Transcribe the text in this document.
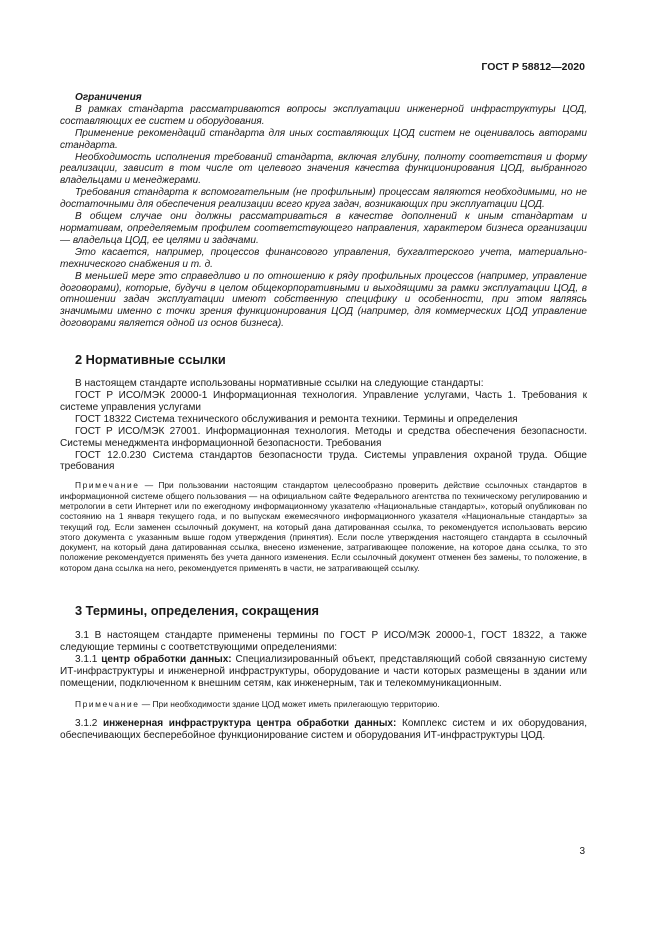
ГОСТ Р 58812—2020

Ограничения

В рамках стандарта рассматриваются вопросы эксплуатации инженерной инфраструктуры ЦОД, составляющих ее систем и оборудования.

Применение рекомендаций стандарта для иных составляющих ЦОД систем не оценивалось авторами стандарта.

Необходимость исполнения требований стандарта, включая глубину, полноту соответствия и форму реализации, зависит в том числе от целевого значения качества функционирования ЦОД, выбранного владельцами и менеджерами.

Требования стандарта к вспомогательным (не профильным) процессам являются необходимыми, но не достаточными для обеспечения реализации всего круга задач, возникающих при эксплуатации ЦОД.

В общем случае они должны рассматриваться в качестве дополнений к иным стандартам и нормативам, определяемым профилем соответствующего направления, характером бизнеса организации — владельца ЦОД, ее целями и задачами.

Это касается, например, процессов финансового управления, бухгалтерского учета, материально-технического снабжения и т. д.

В меньшей мере это справедливо и по отношению к ряду профильных процессов (например, управление договорами), которые, будучи в целом общекорпоративными и выходящими за рамки эксплуатации ЦОД, в отношении задач эксплуатации имеют собственную специфику и особенности, при этом являясь значимыми именно с точки зрения функционирования ЦОД (например, для коммерческих ЦОД управление договорами является одной из основ бизнеса).

2 Нормативные ссылки

В настоящем стандарте использованы нормативные ссылки на следующие стандарты:

ГОСТ Р ИСО/МЭК 20000-1 Информационная технология. Управление услугами, Часть 1. Требования к системе управления услугами

ГОСТ 18322 Система технического обслуживания и ремонта техники. Термины и определения

ГОСТ Р ИСО/МЭК 27001. Информационная технология. Методы и средства обеспечения безопасности. Системы менеджмента информационной безопасности. Требования

ГОСТ 12.0.230 Система стандартов безопасности труда. Системы управления охраной труда. Общие требования

Примечание — При пользовании настоящим стандартом целесообразно проверить действие ссылочных стандартов в информационной системе общего пользования — на официальном сайте Федерального агентства по техническому регулированию и метрологии в сети Интернет или по ежегодному информационному указателю «Национальные стандарты», который опубликован по состоянию на 1 января текущего года, и по выпускам ежемесячного информационного указателя «Национальные стандарты» за текущий год. Если заменен ссылочный документ, на который дана датированная ссылка, то рекомендуется использовать версию этого документа с указанным выше годом утверждения (принятия). Если после утверждения настоящего стандарта в ссылочный документ, на который дана датированная ссылка, внесено изменение, затрагивающее положение, на которое дана ссылка, то это положение рекомендуется применять без учета данного изменения. Если ссылочный документ отменен без замены, то положение, в котором дана ссылка на него, рекомендуется применять в части, не затрагивающей ссылку.

3 Термины, определения, сокращения

3.1 В настоящем стандарте применены термины по ГОСТ Р ИСО/МЭК 20000-1, ГОСТ 18322, а также следующие термины с соответствующими определениями:

3.1.1 центр обработки данных: Специализированный объект, представляющий собой связанную систему ИТ-инфраструктуры и инженерной инфраструктуры, оборудование и части которых размещены в здании или помещении, подключенном к внешним сетям, как инженерным, так и телекоммуникационным.

Примечание — При необходимости здание ЦОД может иметь прилегающую территорию.

3.1.2 инженерная инфраструктура центра обработки данных: Комплекс систем и их оборудования, обеспечивающих бесперебойное функционирование систем и оборудования ИТ-инфраструктуры ЦОД.

3
